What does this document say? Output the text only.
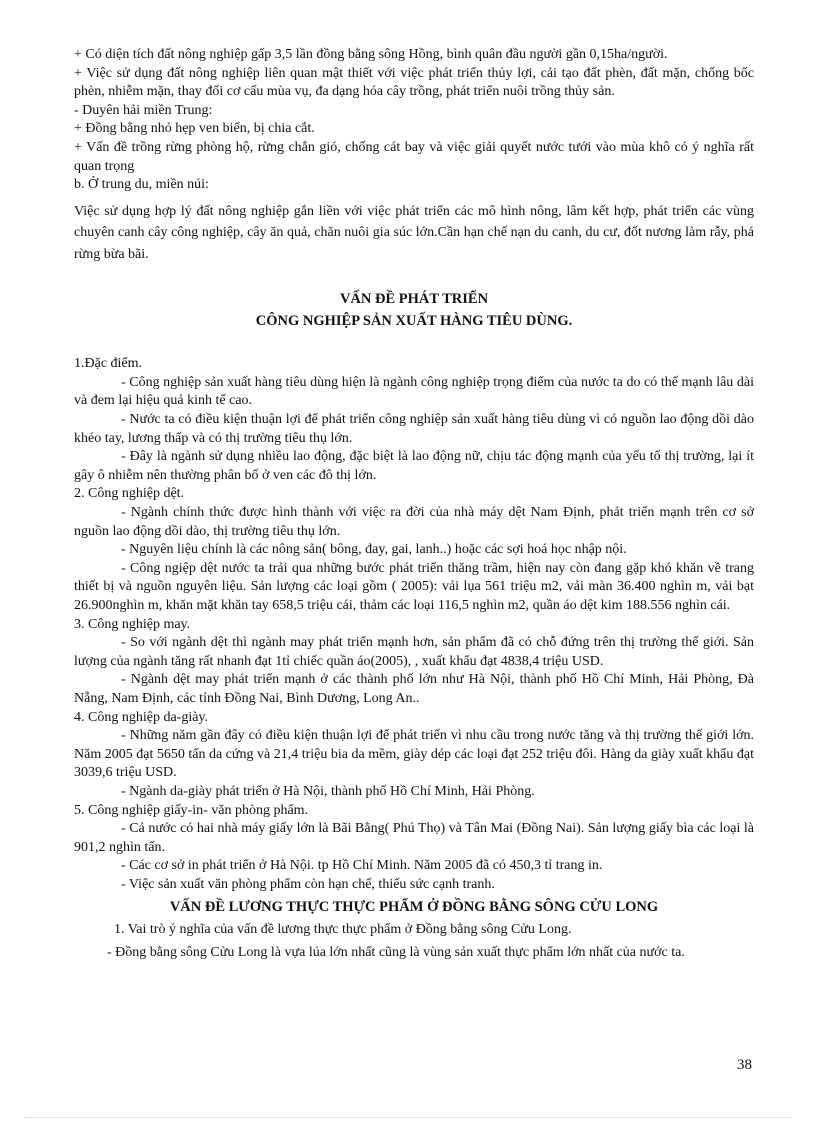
+ Có diện tích đất nông nghiệp gấp 3,5 lần đồng bằng sông Hồng, bình quân đầu người gần 0,15ha/người.

+ Việc sử dụng đất nông nghiệp liên quan mật thiết với việc phát triển thủy lợi, cải tạo đất phèn, đất mặn, chống bốc phèn, nhiễm mặn, thay đổi cơ cấu mùa vụ, đa dạng hóa cây trồng, phát triển nuôi trồng thủy sản.

- Duyên hải miền Trung:

+ Đồng bằng nhỏ hẹp ven biển, bị chia cắt.

+ Vấn đề trồng rừng phòng hộ, rừng chắn gió, chống cát bay và việc giải quyết nước tưới vào mùa khô có ý nghĩa rất quan trọng

b. Ở trung du, miền núi:

Việc sử dụng hợp lý đất nông nghiệp gắn liền với việc phát triển các mô hình nông, lâm kết hợp, phát triển các vùng chuyên canh cây công nghiệp, cây ăn quả, chăn nuôi gia súc lớn.Cần hạn chế nạn du canh, du cư, đốt nương làm rẫy, phá rừng bừa bãi.

VẤN ĐỀ PHÁT TRIỂN

CÔNG NGHIỆP SẢN XUẤT HÀNG TIÊU DÙNG.

1.Đặc điểm.

- Công nghiệp sản xuất hàng tiêu dùng hiện là ngành công nghiệp trọng điểm của nước ta do có thế mạnh lâu dài và đem lại hiệu quả kinh tế cao.

- Nước ta có điều kiện thuận lợi để phát triển công nghiệp sản xuất hàng tiêu dùng vì có nguồn lao động dồi dào khéo tay, lương thấp và có thị trường tiêu thụ lớn.

- Đây là ngành sử dụng nhiều lao động, đặc biệt là lao động nữ, chịu tác động mạnh của yếu tố thị trường, lại ít gây ô nhiễm nên thường phân bố ở ven các đô thị lớn.

2. Công nghiệp dệt.

- Ngành chính thức được hình thành với việc ra đời của nhà máy dệt Nam Định, phát triển mạnh trên cơ sở nguồn lao động dồi dào, thị trường tiêu thụ lớn.

- Nguyên liệu chính là các nông sản( bông, đay, gai, lanh..) hoặc các sợi hoá học nhập nội.

- Công ngiệp dệt nước ta trải qua những bước phát triển thăng trầm, hiện nay còn đang gặp khó khăn về trang thiết bị và nguồn nguyên liệu. Sản lượng các loại gồm ( 2005): vải lụa 561 triệu m2, vải màn 36.400 nghìn m, vải bạt 26.900nghìn m, khăn mặt khăn tay 658,5 triệu cái, thảm các loại 116,5 nghìn m2, quần áo dệt kim 188.556 nghìn cái.

3. Công nghiệp may.

- So với ngành dệt thì ngành may phát triển mạnh hơn, sản phẩm đã có chỗ đứng trên thị trường thế giới. Sản lượng của ngành tăng rất nhanh đạt 1tỉ chiếc quần áo(2005), , xuất khẩu đạt 4838,4 triệu USD.

- Ngành dệt may phát triển mạnh ở các thành phố lớn như Hà Nội, thành phố Hồ Chí Minh, Hải Phòng, Đà Nẵng, Nam Định, các tỉnh Đồng Nai, Bình Dương, Long An..

4. Công nghiệp da-giày.

- Những năm gần đây có điều kiện thuận lợi để phát triển vì nhu cầu trong nước tăng và thị trường thế giới lớn. Năm 2005 đạt 5650 tấn da cứng và 21,4 triệu bia da mềm, giày dép các loại đạt 252 triệu đôi. Hàng da giày xuất khẩu đạt 3039,6 triệu USD.

- Ngành da-giày phát triển ở Hà Nội, thành phố Hồ Chí Minh, Hải Phòng.

5. Công nghiệp giấy-in- văn phòng phẩm.

- Cả nước có hai nhà máy giấy lớn là Bãi Bằng( Phú Thọ) và Tân Mai (Đồng Nai). Sản lượng giấy bìa các loại là 901,2 nghìn tấn.

- Các cơ sở in phát triển ở Hà Nội. tp Hồ Chí Minh. Năm 2005 đã có 450,3 tỉ trang in.

- Việc sản xuất văn phòng phẩm còn hạn chế, thiếu sức cạnh tranh.

VẤN ĐỀ LƯƠNG THỰC THỰC PHẨM Ở ĐỒNG BẰNG SÔNG CỬU LONG

1. Vai trò ý nghĩa của vấn đề lương thực thực phẩm ở Đồng bằng sông Cửu Long.

- Đồng bằng sông Cửu Long là vựa lúa lớn nhất cũng là vùng sản xuất thực phẩm lớn nhất của nước ta.

38
